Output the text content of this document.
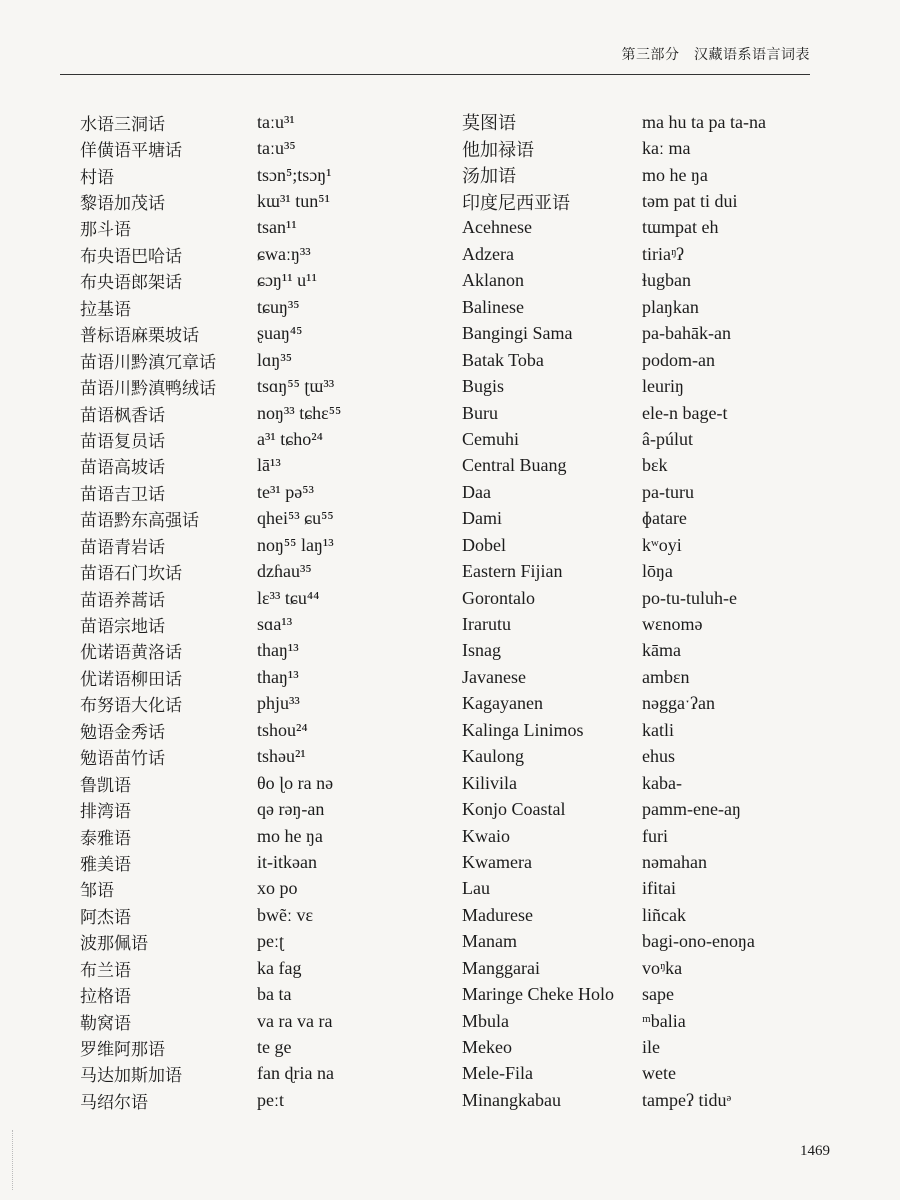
第三部分　汉藏语系语言词表
水语三洞话	taːu³¹
佯僙语平塘话	taːu³⁵
村语	tsɔn⁵;tsɔŋ¹
黎语加茂话	kɯ³¹ tun⁵¹
那斗语	tsan¹¹
布央语巴哈话	ɕwaːŋ³³
布央语郎架话	ɕɔŋ¹¹ u¹¹
拉基语	tɕuŋ³⁵
普标语麻栗坡话	ʂuaŋ⁴⁵
苗语川黔滇冗章话	lɑŋ³⁵
苗语川黔滇鸭绒话	tsɑŋ⁵⁵ ʈɯ³³
苗语枫香话	noŋ³³ tɕhɛ⁵⁵
苗语复员话	a³¹ tɕho²⁴
苗语高坡话	lā¹³
苗语吉卫话	te³¹ pə⁵³
苗语黔东高强话	qhei⁵³ ɕu⁵⁵
苗语青岩话	noŋ⁵⁵ laŋ¹³
苗语石门坎话	dzɦau³⁵
苗语养蒿话	lɛ³³ tɕu⁴⁴
苗语宗地话	sɑa¹³
优诺语黄洛话	thaŋ¹³
优诺语柳田话	thaŋ¹³
布努语大化话	phju³³
勉语金秀话	tshou²⁴
勉语苗竹话	tshəu²¹
鲁凯语	θo ɭo ra nə
排湾语	qə rəŋ-an
泰雅语	mo he ŋa
雅美语	it-itkəan
邹语	xo po
阿杰语	bwẽː vɛ
波那佩语	peːʈ
布兰语	ka fag
拉格语	ba ta
勒窝语	va ra va ra
罗维阿那语	te ge
马达加斯加语	fan ɖria na
马绍尔语	peːt
莫图语	ma hu ta pa ta-na
他加禄语	kaː ma
汤加语	mo he ŋa
印度尼西亚语	təm pat ti dui
Acehnese	tɯmpat eh
Adzera	tiriaᵑʔ
Aklanon	ɬugban
Balinese	plaŋkan
Bangingi Sama	pa-bahāk-an
Batak Toba	podom-an
Bugis	leuriŋ
Buru	ele-n bage-t
Cemuhi	â-púlut
Central Buang	bɛk
Daa	pa-turu
Dami	ɸatare
Dobel	kʷoyi
Eastern Fijian	lōŋa
Gorontalo	po-tu-tuluh-e
Irarutu	wɛnomə
Isnag	kāma
Javanese	ambɛn
Kagayanen	nəggaˑʔan
Kalinga Linimos	katli
Kaulong	ehus
Kilivila	kaba-
Konjo Coastal	pamm-ene-aŋ
Kwaio	furi
Kwamera	nəmahan
Lau	ifitai
Madurese	liñcak
Manam	bagi-ono-enoŋa
Manggarai	voᵑka
Maringe Cheke Holo	sape
Mbula	ᵐbalia
Mekeo	ile
Mele-Fila	wete
Minangkabau	tampeʔ tiduᵊ
1469
